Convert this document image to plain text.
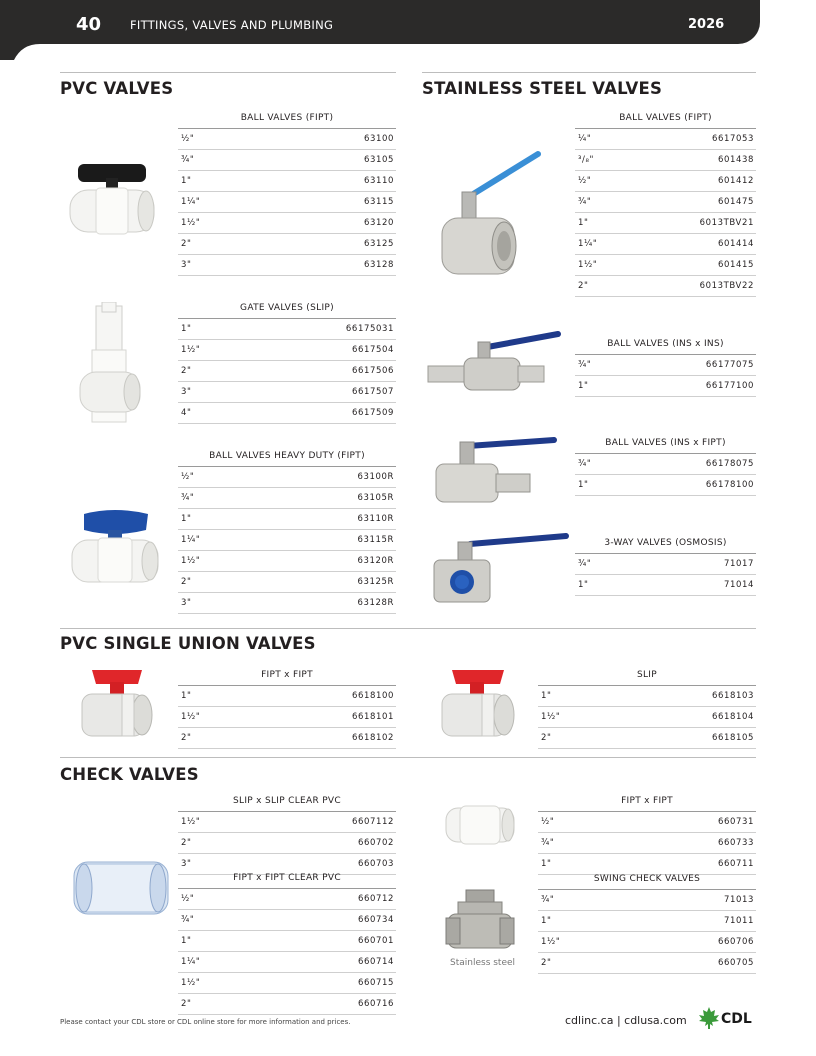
40	FITTINGS, VALVES AND PLUMBING	2026
PVC VALVES	STAINLESS STEEL VALVES
BALL VALVES (FIPT)
½"	63100
¾"	63105
1"	63110
1¼"	63115
1½"	63120
2"	63125
3"	63128
GATE VALVES (SLIP)
1"	66175031
1½"	6617504
2"	6617506
3"	6617507
4"	6617509
BALL VALVES HEAVY DUTY (FIPT)
½"	63100R
¾"	63105R
1"	63110R
1¼"	63115R
1½"	63120R
2"	63125R
3"	63128R
BALL VALVES (FIPT)
¼"	6617053
³/₈"	601438
½"	601412
¾"	601475
1"	6013TBV21
1¼"	601414
1½"	601415
2"	6013TBV22
BALL VALVES (INS x INS)
¾"	66177075
1"	66177100
BALL VALVES (INS x FIPT)
¾"	66178075
1"	66178100
3-WAY VALVES (OSMOSIS)
¾"	71017
1"	71014
PVC SINGLE UNION VALVES
FIPT x FIPT
1"	6618100
1½"	6618101
2"	6618102
SLIP
1"	6618103
1½"	6618104
2"	6618105
CHECK VALVES
SLIP x SLIP CLEAR PVC
1½"	6607112
2"	660702
3"	660703
FIPT x FIPT CLEAR PVC
½"	660712
¾"	660734
1"	660701
1¼"	660714
1½"	660715
2"	660716
FIPT x FIPT
½"	660731
¾"	660733
1"	660711
SWING CHECK VALVES
¾"	71013
1"	71011
1½"	660706
2"	660705
Stainless steel
Please contact your CDL store or CDL online store for more information and prices.	cdlinc.ca | cdlusa.com CDL
